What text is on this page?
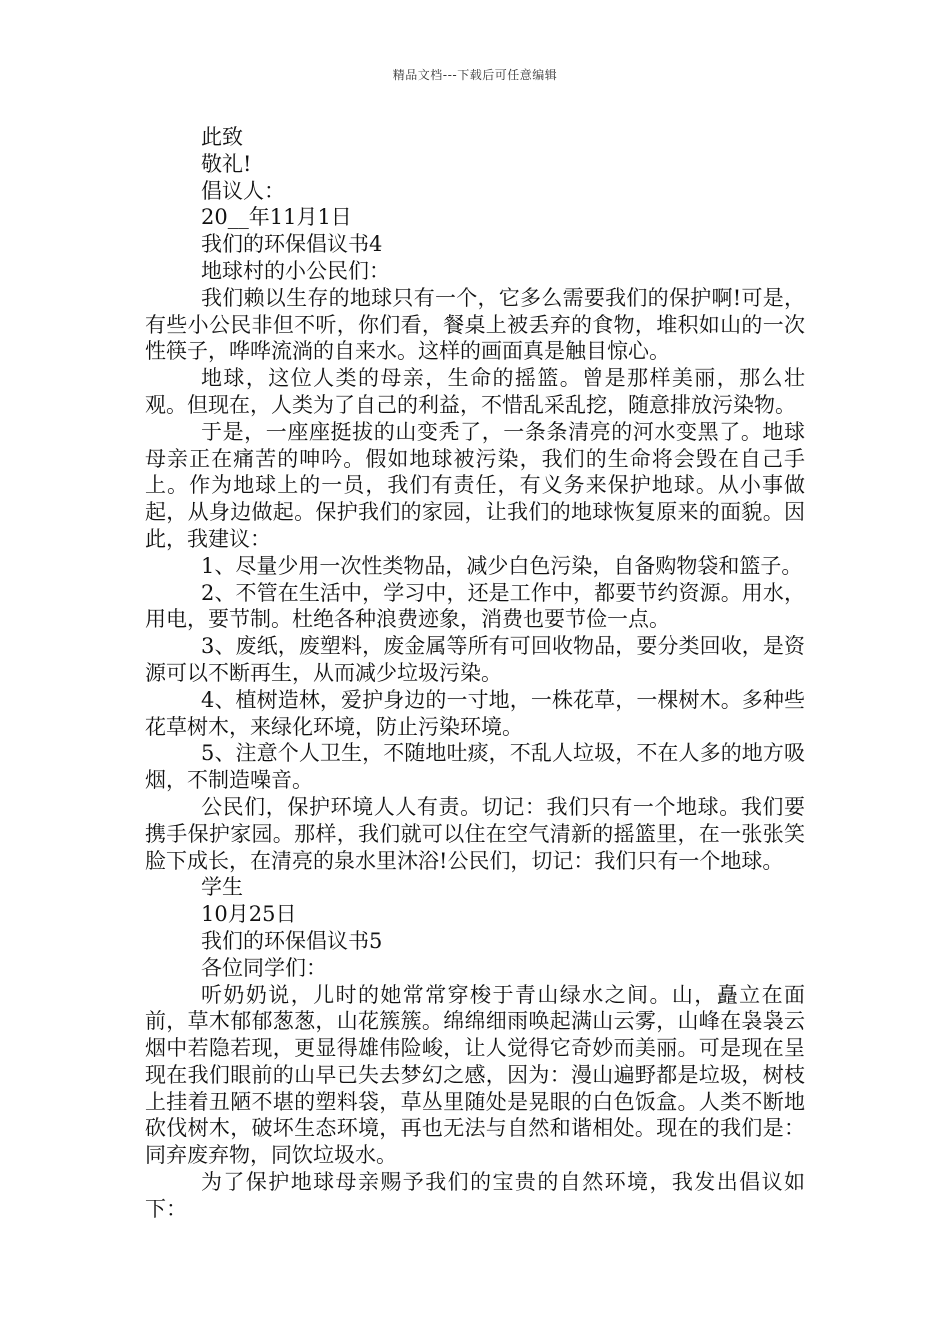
精品文档---下载后可任意编辑

此致

敬礼!

倡议人：

20__年11月1日

我们的环保倡议书4

地球村的小公民们：

我们赖以生存的地球只有一个，它多么需要我们的保护啊!可是，有些小公民非但不听，你们看，餐桌上被丢弃的食物，堆积如山的一次性筷子，哗哗流淌的自来水。这样的画面真是触目惊心。

地球，这位人类的母亲，生命的摇篮。曾是那样美丽，那么壮观。但现在，人类为了自己的利益，不惜乱采乱挖，随意排放污染物。

于是，一座座挺拔的山变秃了，一条条清亮的河水变黑了。地球母亲正在痛苦的呻吟。假如地球被污染，我们的生命将会毁在自己手上。作为地球上的一员，我们有责任，有义务来保护地球。从小事做起，从身边做起。保护我们的家园，让我们的地球恢复原来的面貌。因此，我建议：

1、尽量少用一次性类物品，减少白色污染，自备购物袋和篮子。

2、不管在生活中，学习中，还是工作中，都要节约资源。用水，用电，要节制。杜绝各种浪费迹象，消费也要节俭一点。

3、废纸，废塑料，废金属等所有可回收物品，要分类回收，是资源可以不断再生，从而减少垃圾污染。

4、植树造林，爱护身边的一寸地，一株花草，一棵树木。多种些花草树木，来绿化环境，防止污染环境。

5、注意个人卫生，不随地吐痰，不乱人垃圾，不在人多的地方吸烟，不制造噪音。

公民们，保护环境人人有责。切记：我们只有一个地球。我们要携手保护家园。那样，我们就可以住在空气清新的摇篮里，在一张张笑脸下成长，在清亮的泉水里沐浴!公民们，切记：我们只有一个地球。

学生

10月25日

我们的环保倡议书5

各位同学们：

听奶奶说，儿时的她常常穿梭于青山绿水之间。山，矗立在面前，草木郁郁葱葱，山花簇簇。绵绵细雨唤起满山云雾，山峰在袅袅云烟中若隐若现，更显得雄伟险峻，让人觉得它奇妙而美丽。可是现在呈现在我们眼前的山早已失去梦幻之感，因为：漫山遍野都是垃圾，树枝上挂着丑陋不堪的塑料袋，草丛里随处是晃眼的白色饭盒。人类不断地砍伐树木，破坏生态环境，再也无法与自然和谐相处。现在的我们是：同弃废弃物，同饮垃圾水。

为了保护地球母亲赐予我们的宝贵的自然环境，我发出倡议如下：
